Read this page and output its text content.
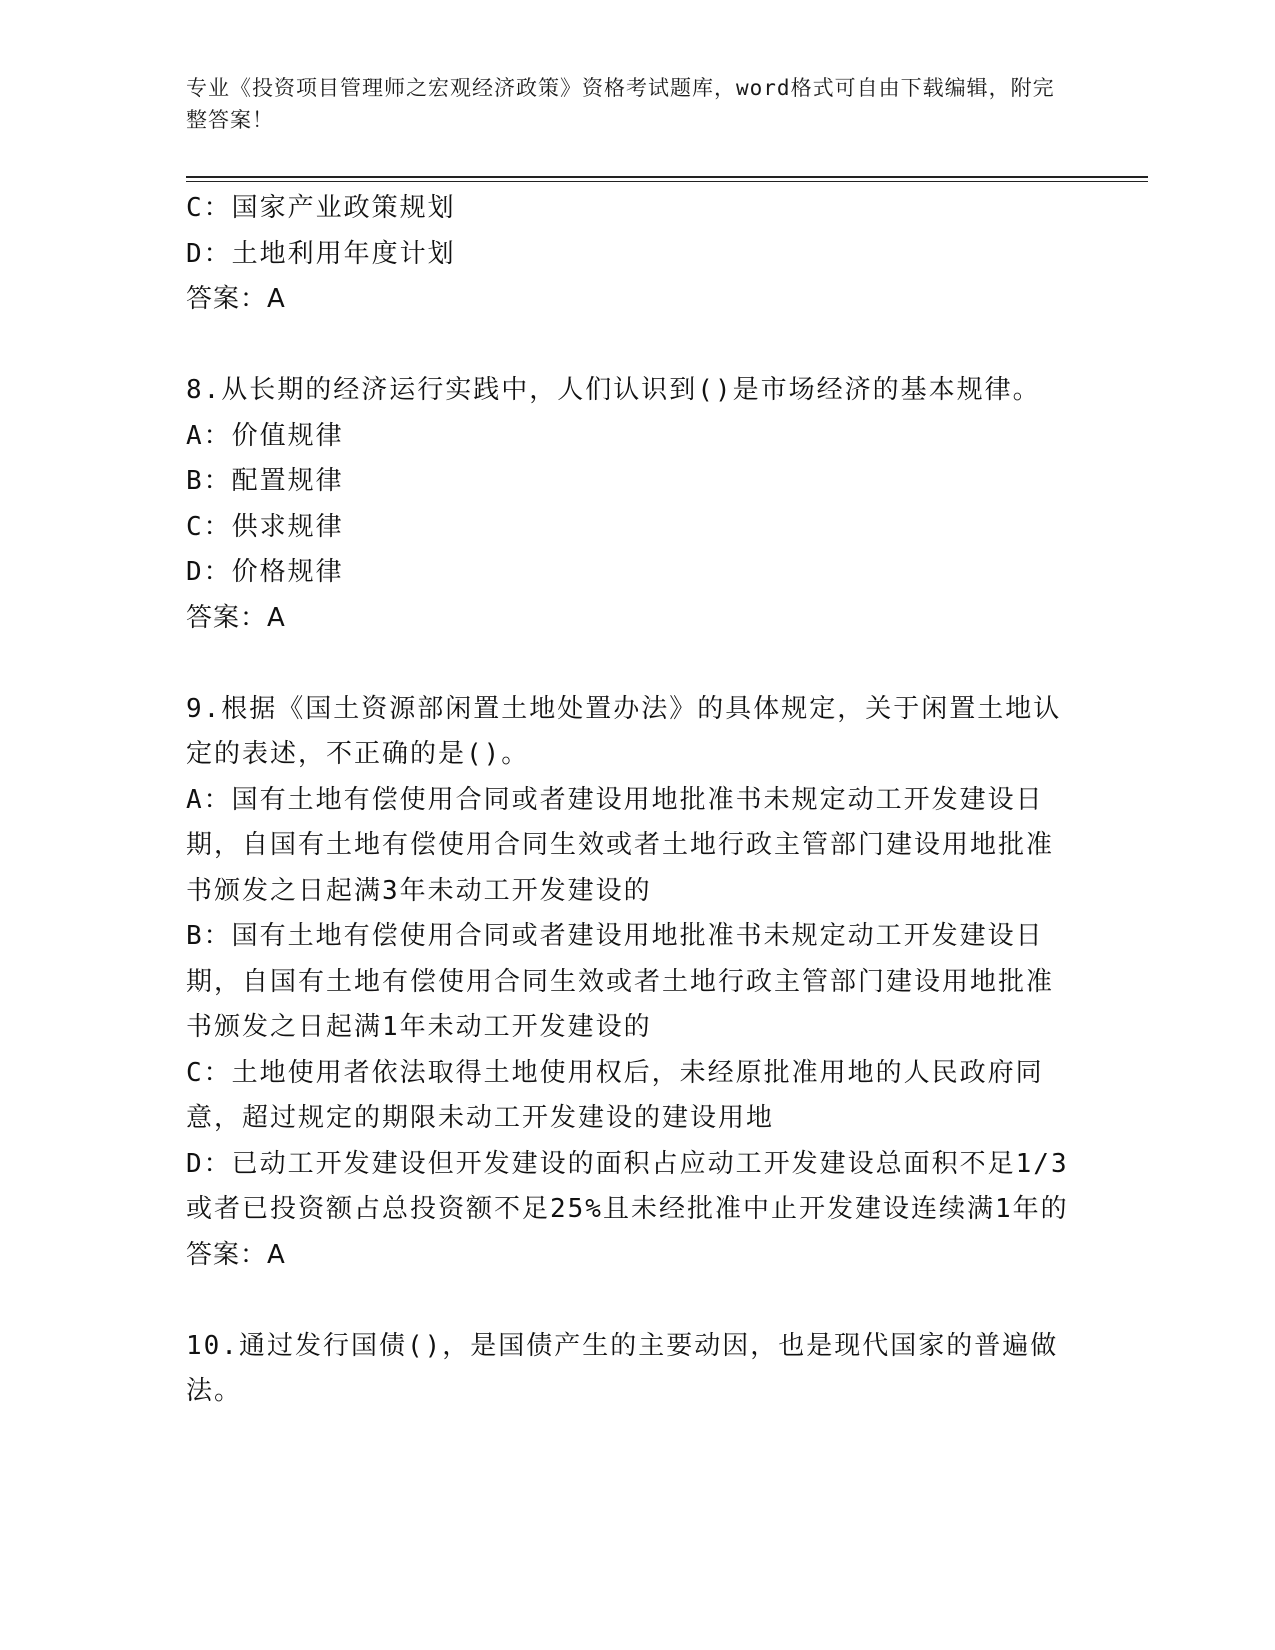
专业《投资项目管理师之宏观经济政策》资格考试题库，word格式可自由下载编辑，附完整答案！
C：国家产业政策规划
D：土地利用年度计划
答案：A
8.从长期的经济运行实践中，人们认识到()是市场经济的基本规律。
A：价值规律
B：配置规律
C：供求规律
D：价格规律
答案：A
9.根据《国土资源部闲置土地处置办法》的具体规定，关于闲置土地认定的表述，不正确的是()。
A：国有土地有偿使用合同或者建设用地批准书未规定动工开发建设日期，自国有土地有偿使用合同生效或者土地行政主管部门建设用地批准书颁发之日起满3年未动工开发建设的
B：国有土地有偿使用合同或者建设用地批准书未规定动工开发建设日期，自国有土地有偿使用合同生效或者土地行政主管部门建设用地批准书颁发之日起满1年未动工开发建设的
C：土地使用者依法取得土地使用权后，未经原批准用地的人民政府同意，超过规定的期限未动工开发建设的建设用地
D：已动工开发建设但开发建设的面积占应动工开发建设总面积不足1/3或者已投资额占总投资额不足25%且未经批准中止开发建设连续满1年的
答案：A
10.通过发行国债()，是国债产生的主要动因，也是现代国家的普遍做法。
